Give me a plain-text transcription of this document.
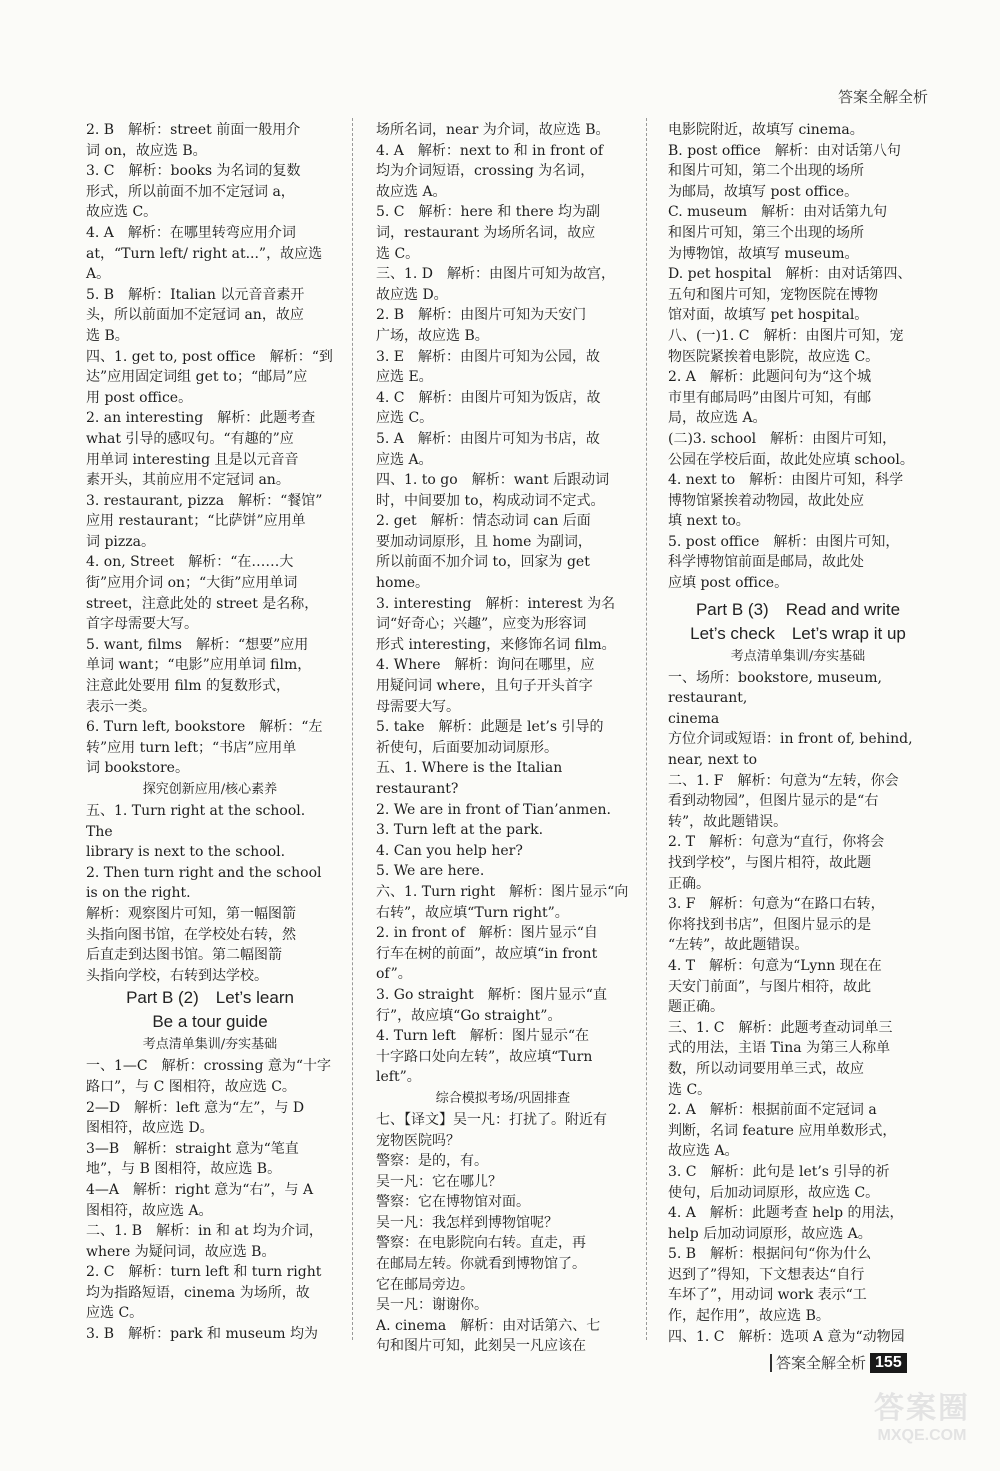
答案全解全析
2. B　解析：street 前面一般用介
词 on，故应选 B。
3. C　解析：books 为名词的复数
形式，所以前面不加不定冠词 a，
故应选 C。
4. A　解析：在哪里转弯应用介词
at，“Turn left/ right at...”，故应选 A。
5. B　解析：Italian 以元音音素开
头，所以前面加不定冠词 an，故应
选 B。
四、1. get to, post office　解析：“到
达”应用固定词组 get to；“邮局”应
用 post office。
2. an interesting　解析：此题考查
what 引导的感叹句。“有趣的”应
用单词 interesting 且是以元音音
素开头，其前应用不定冠词 an。
3. restaurant, pizza　解析：“餐馆”
应用 restaurant；“比萨饼”应用单
词 pizza。
4. on, Street　解析：“在……大
街”应用介词 on；“大街”应用单词
street，注意此处的 street 是名称，
首字母需要大写。
5. want, films　解析：“想要”应用
单词 want；“电影”应用单词 film，
注意此处要用 film 的复数形式，
表示一类。
6. Turn left, bookstore　解析：“左
转”应用 turn left；“书店”应用单
词 bookstore。
探究创新应用/核心素养
五、1. Turn right at the school. The
library is next to the school.
2. Then turn right and the school
is on the right.
解析：观察图片可知，第一幅图箭
头指向图书馆，在学校处右转，然
后直走到达图书馆。第二幅图箭
头指向学校，右转到达学校。
Part B (2)　Let’s learn
Be a tour guide
考点清单集训/夯实基础
一、1—C　解析：crossing 意为“十字
路口”，与 C 图相符，故应选 C。
2—D　解析：left 意为“左”，与 D
图相符，故应选 D。
3—B　解析：straight 意为“笔直
地”，与 B 图相符，故应选 B。
4—A　解析：right 意为“右”，与 A
图相符，故应选 A。
二、1. B　解析：in 和 at 均为介词，
where 为疑问词，故应选 B。
2. C　解析：turn left 和 turn right
均为指路短语，cinema 为场所，故
应选 C。
3. B　解析：park 和 museum 均为
场所名词，near 为介词，故应选 B。
4. A　解析：next to 和 in front of
均为介词短语，crossing 为名词，
故应选 A。
5. C　解析：here 和 there 均为副
词，restaurant 为场所名词，故应
选 C。
三、1. D　解析：由图片可知为故宫，
故应选 D。
2. B　解析：由图片可知为天安门
广场，故应选 B。
3. E　解析：由图片可知为公园，故
应选 E。
4. C　解析：由图片可知为饭店，故
应选 C。
5. A　解析：由图片可知为书店，故
应选 A。
四、1. to go　解析：want 后跟动词
时，中间要加 to，构成动词不定式。
2. get　解析：情态动词 can 后面
要加动词原形，且 home 为副词，
所以前面不加介词 to，回家为 get
home。
3. interesting　解析：interest 为名
词“好奇心；兴趣”，应变为形容词
形式 interesting，来修饰名词 film。
4. Where　解析：询问在哪里，应
用疑问词 where，且句子开头首字
母需要大写。
5. take　解析：此题是 let’s 引导的
祈使句，后面要加动词原形。
五、1. Where is the Italian restaurant?
2. We are in front of Tian’anmen.
3. Turn left at the park.
4. Can you help her?
5. We are here.
六、1. Turn right　解析：图片显示“向
右转”，故应填“Turn right”。
2. in front of　解析：图片显示“自
行车在树的前面”，故应填“in front
of”。
3. Go straight　解析：图片显示“直
行”，故应填“Go straight”。
4. Turn left　解析：图片显示“在
十字路口处向左转”，故应填“Turn left”。
综合模拟考场/巩固排查
七、【译文】吴一凡：打扰了。附近有
宠物医院吗？
警察：是的，有。
吴一凡：它在哪儿？
警察：它在博物馆对面。
吴一凡：我怎样到博物馆呢？
警察：在电影院向右转。直走，再
在邮局左转。你就看到博物馆了。
它在邮局旁边。
吴一凡：谢谢你。
A. cinema　解析：由对话第六、七
句和图片可知，此刻吴一凡应该在
电影院附近，故填写 cinema。
B. post office　解析：由对话第八句
和图片可知，第二个出现的场所
为邮局，故填写 post office。
C. museum　解析：由对话第九句
和图片可知，第三个出现的场所
为博物馆，故填写 museum。
D. pet hospital　解析：由对话第四、
五句和图片可知，宠物医院在博物
馆对面，故填写 pet hospital。
八、(一)1. C　解析：由图片可知，宠
物医院紧挨着电影院，故应选 C。
2. A　解析：此题问句为“这个城
市里有邮局吗”由图片可知，有邮
局，故应选 A。
(二)3. school　解析：由图片可知，
公园在学校后面，故此处应填 school。
4. next to　解析：由图片可知，科学
博物馆紧挨着动物园，故此处应
填 next to。
5. post office　解析：由图片可知，
科学博物馆前面是邮局，故此处
应填 post office。
Part B (3)　Read and write
Let’s check　Let’s wrap it up
考点清单集训/夯实基础
一、场所：bookstore, museum, restaurant,
cinema
方位介词或短语：in front of, behind,
near, next to
二、1. F　解析：句意为“左转，你会
看到动物园”，但图片显示的是“右
转”，故此题错误。
2. T　解析：句意为“直行，你将会
找到学校”，与图片相符，故此题
正确。
3. F　解析：句意为“在路口右转，
你将找到书店”，但图片显示的是
“左转”，故此题错误。
4. T　解析：句意为“Lynn 现在在
天安门前面”，与图片相符，故此
题正确。
三、1. C　解析：此题考查动词单三
式的用法，主语 Tina 为第三人称单
数，所以动词要用单三式，故应
选 C。
2. A　解析：根据前面不定冠词 a
判断，名词 feature 应用单数形式，
故应选 A。
3. C　解析：此句是 let’s 引导的祈
使句，后加动词原形，故应选 C。
4. A　解析：此题考查 help 的用法，
help 后加动词原形，故应选 A。
5. B　解析：根据问句“你为什么
迟到了”得知，下文想表达“自行
车坏了”，用动词 work 表示“工
作，起作用”，故应选 B。
四、1. C　解析：选项 A 意为“动物园
答案全解全析 155
答案圈
MXQE.COM
